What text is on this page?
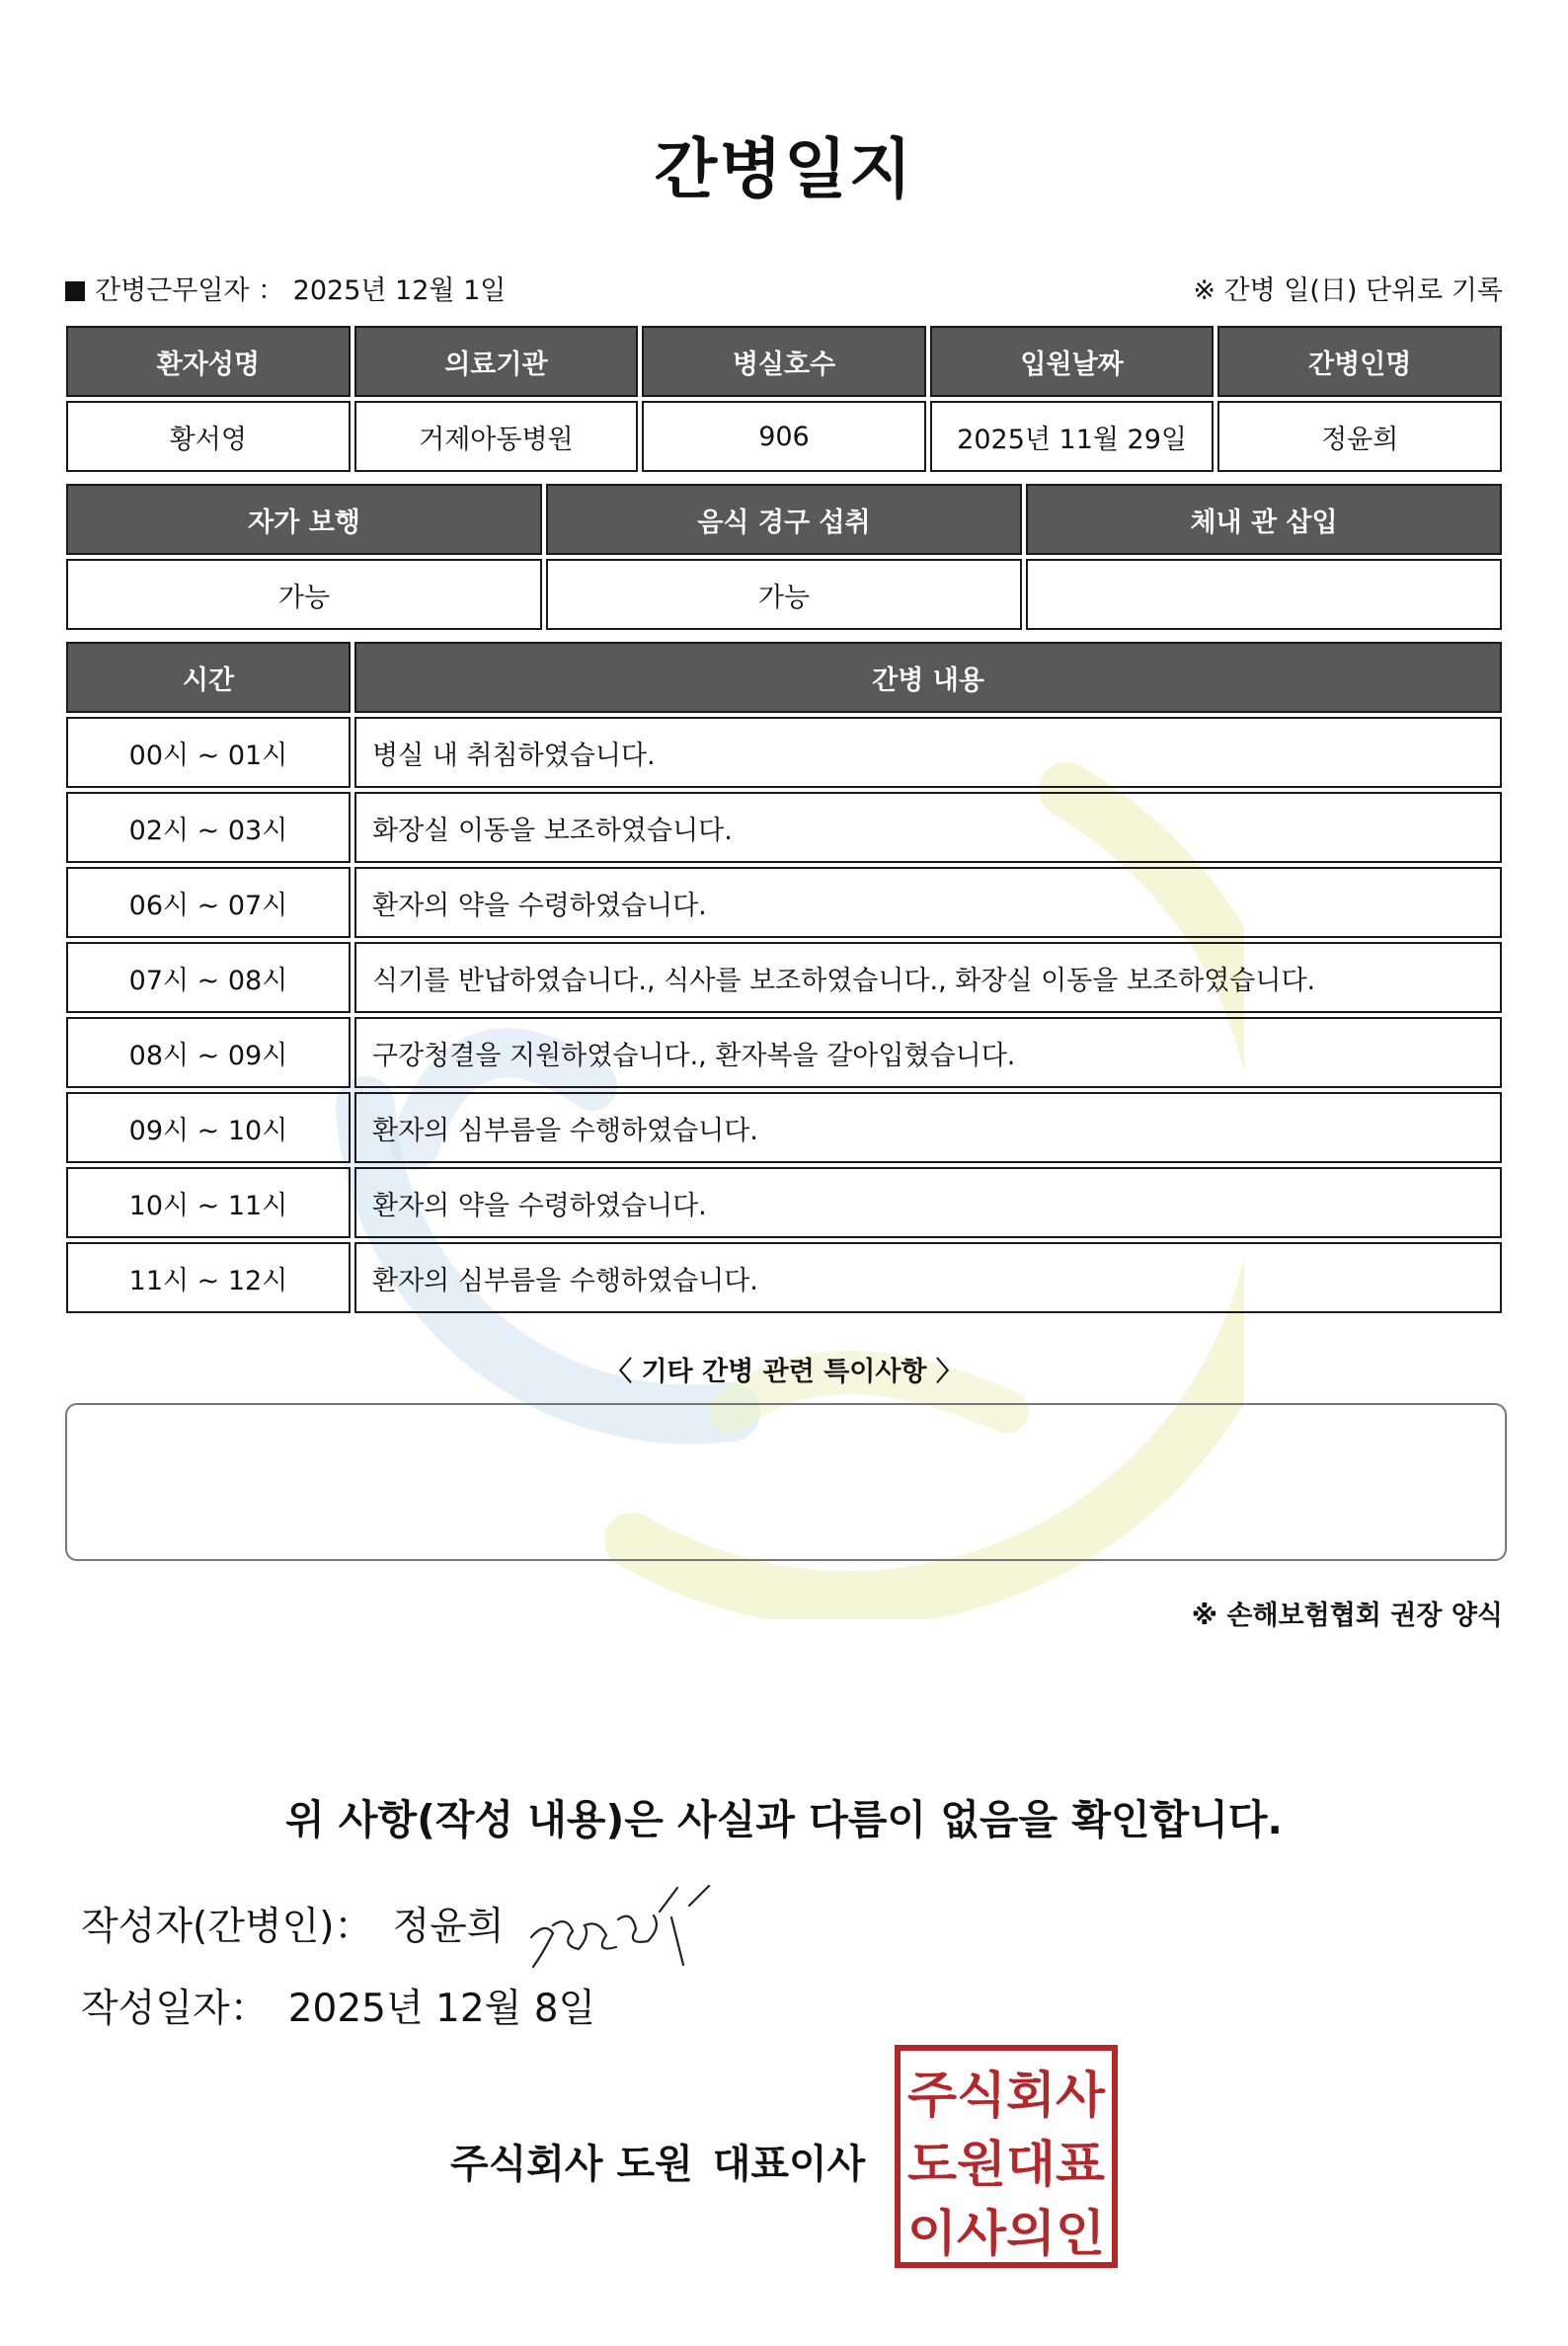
간병일지
간병근무일자 ： 2025년 12월 1일	※ 간병 일(日) 단위로 기록
환자성명	의료기관	병실호수	입원날짜	간병인명
황서영	거제아동병원	906	2025년 11월 29일	정윤희
자가 보행	음식 경구 섭취	체내 관 삽입
가능	가능	
시간	간병 내용
00시 ~ 01시	병실 내 취침하였습니다.
02시 ~ 03시	화장실 이동을 보조하였습니다.
06시 ~ 07시	환자의 약을 수령하였습니다.
07시 ~ 08시	식기를 반납하였습니다., 식사를 보조하였습니다., 화장실 이동을 보조하였습니다.
08시 ~ 09시	구강청결을 지원하였습니다., 환자복을 갈아입혔습니다.
09시 ~ 10시	환자의 심부름을 수행하였습니다.
10시 ~ 11시	환자의 약을 수령하였습니다.
11시 ~ 12시	환자의 심부름을 수행하였습니다.
〈 기타 간병 관련 특이사항 〉
※ 손해보험협회 권장 양식
위 사항(작성 내용)은 사실과 다름이 없음을 확인합니다.
작성자(간병인)： 정윤희
작성일자： 2025년 12월 8일
주식회사 도원 대표이사
주식회사
도원대표
이사의인
